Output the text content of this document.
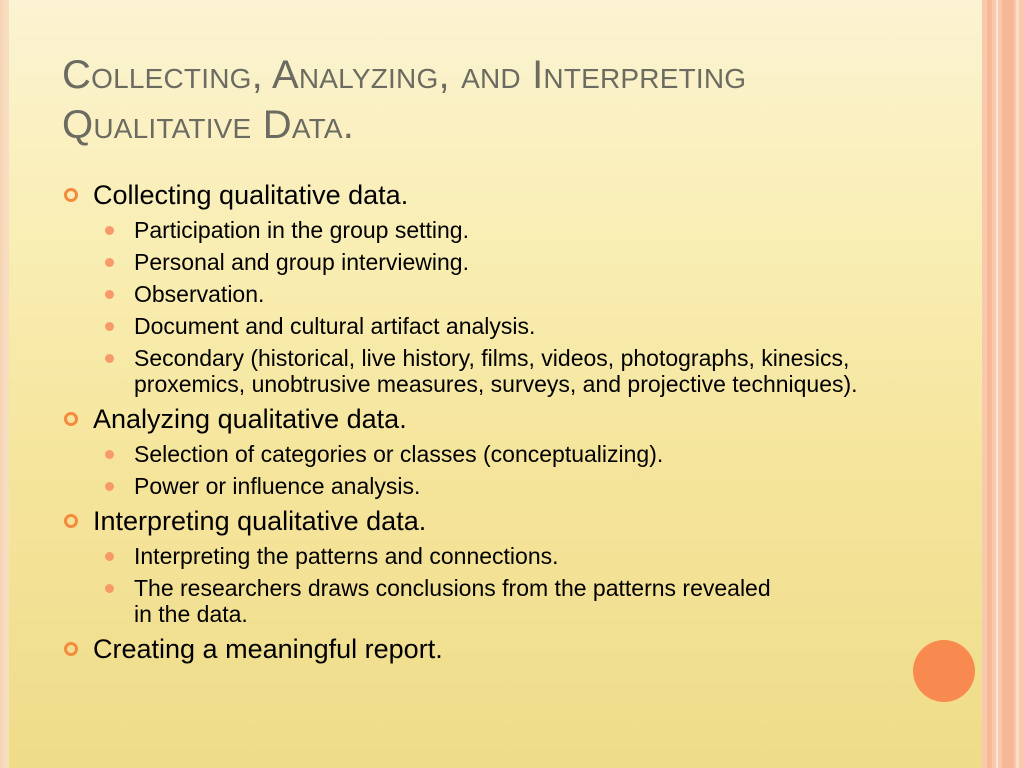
Collecting, Analyzing, and Interpreting
Qualitative Data.
Collecting qualitative data.
Participation in the group setting.
Personal and group interviewing.
Observation.
Document and cultural artifact analysis.
Secondary (historical, live history, films, videos, photographs, kinesics, proxemics, unobtrusive measures, surveys, and projective techniques).
Analyzing qualitative data.
Selection of categories or classes (conceptualizing).
Power or influence analysis.
Interpreting qualitative data.
Interpreting the patterns and connections.
The researchers draws conclusions from the patterns revealed in the data.
Creating a meaningful report.
